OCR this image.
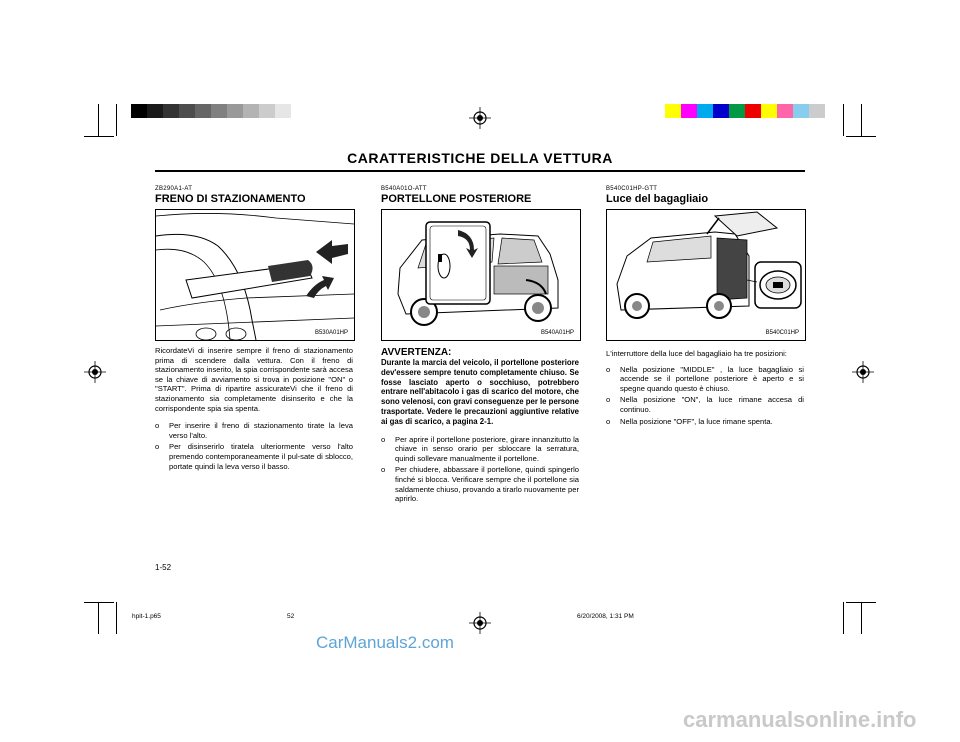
CARATTERISTICHE DELLA VETTURA
ZB290A1-AT
FRENO DI STAZIONAMENTO
B530A01HP
RicordateVi di inserire sempre il freno di stazionamento prima di scendere dalla vettura. Con il freno di stazionamento inserito, la spia corrispondente sarà accesa se la chiave di avviamento si trova in posizione "ON" o "START". Prima di ripartire assicurateVi che il freno di stazionamento sia completamente disinserito e che la corrispondente spia sia spenta.
o	Per inserire il freno di stazionamento tirate la leva verso l'alto.
o	Per disinserirlo tiratela ulteriormente verso l'alto premendo contemporaneamente il pul-sate di sblocco, portate quindi la leva verso il basso.
B540A01O-ATT
PORTELLONE POSTERIORE
B540A01HP
AVVERTENZA:
Durante la marcia del veicolo, il portellone posteriore dev'essere sempre tenuto completamente chiuso. Se fosse lasciato aperto o socchiuso, potrebbero entrare nell'abitacolo i gas di scarico del motore, che sono velenosi, con gravi conseguenze per le persone trasportate. Vedere le precauzioni aggiuntive relative ai gas di scarico, a pagina 2-1.
o	Per aprire il portellone posteriore, girare innanzitutto la chiave in senso orario per sbloccare la serratura, quindi sollevare manualmente il portellone.
o	Per chiudere, abbassare il portellone, quindi spingerlo finché si blocca. Verificare sempre che il portellone sia saldamente chiuso, provando a tirarlo nuovamente per aprirlo.
B540C01HP-GTT
Luce del bagagliaio
B540C01HP
L'interruttore della luce del bagagliaio ha tre posizioni:
o	Nella posizione "MIDDLE" , la luce bagagliaio si accende se il portellone posteriore è aperto e si spegne quando questo è chiuso.
o	Nella posizione "ON", la luce rimane accesa di continuo.
o	Nella posizione "OFF", la luce rimane spenta.
1-52
hpit-1.p65	52	6/20/2008, 1:31 PM
CarManuals2.com
carmanualsonline.info
